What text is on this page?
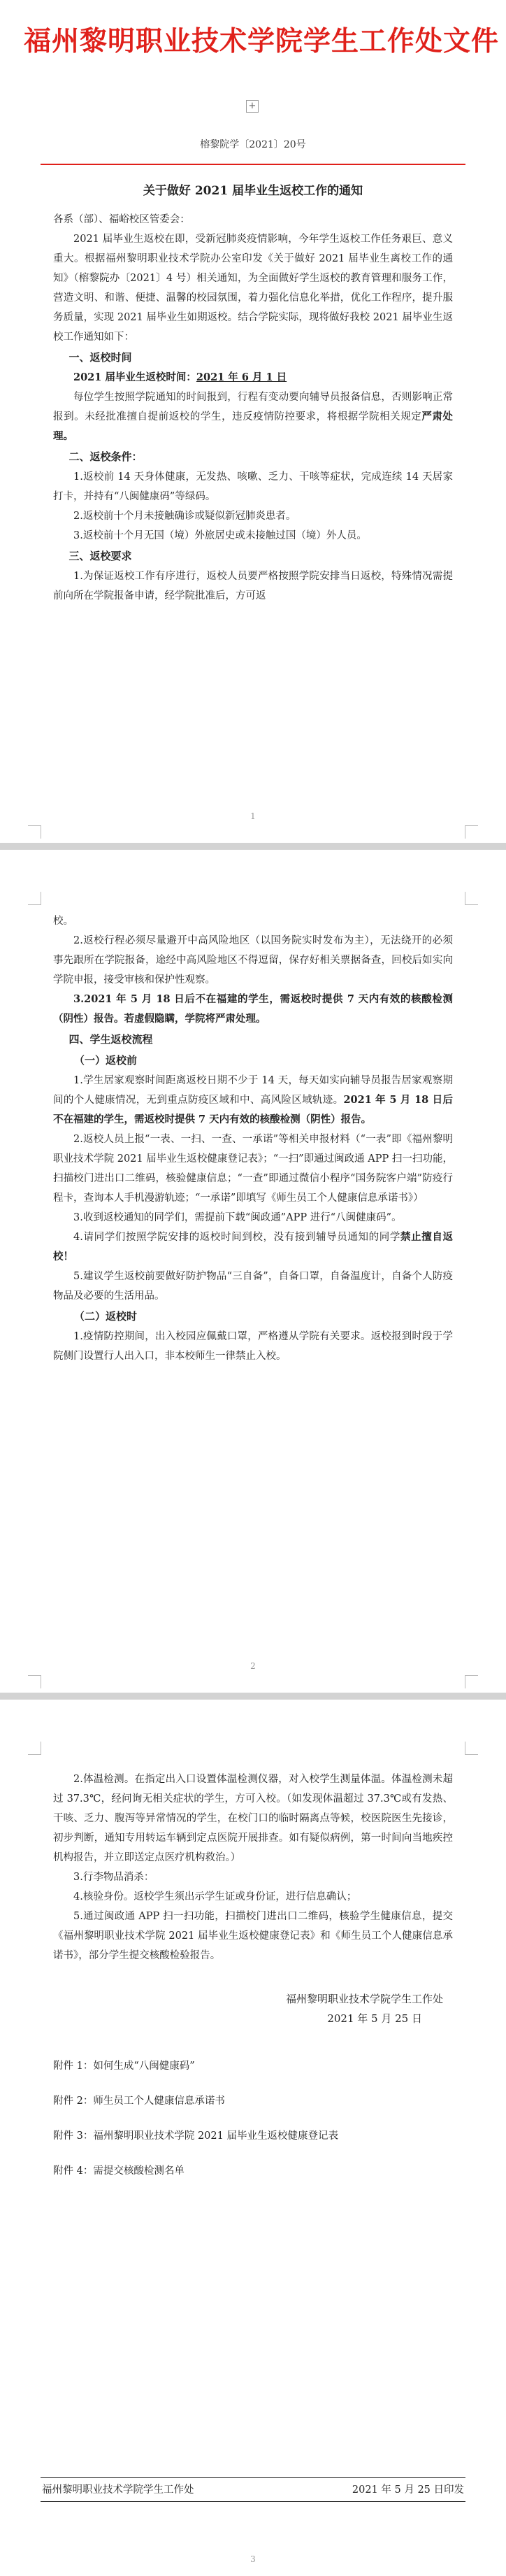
福州黎明职业技术学院学生工作处文件
+
榕黎院学〔2021〕20号
关于做好 2021 届毕业生返校工作的通知

各系（部）、福峪校区管委会：

2021 届毕业生返校在即，受新冠肺炎疫情影响，今年学生返校工作任务艰巨、意义重大。根据福州黎明职业技术学院办公室印发《关于做好 2021 届毕业生离校工作的通知》（榕黎院办〔2021〕4 号）相关通知，为全面做好学生返校的教育管理和服务工作，营造文明、和谐、便捷、温馨的校园氛围，着力强化信息化举措，优化工作程序，提升服务质量，实现 2021 届毕业生如期返校。结合学院实际，现将做好我校 2021 届毕业生返校工作通知如下：

一、返校时间

2021 届毕业生返校时间：2021 年 6 月 1 日

每位学生按照学院通知的时间报到，行程有变动要向辅导员报备信息，否则影响正常报到。未经批准擅自提前返校的学生，违反疫情防控要求，将根据学院相关规定严肃处理。

二、返校条件：

1.返校前 14 天身体健康，无发热、咳嗽、乏力、干咳等症状，完成连续 14 天居家打卡，并持有“八闽健康码”等绿码。

2.返校前十个月未接触确诊或疑似新冠肺炎患者。

3.返校前十个月无国（境）外旅居史或未接触过国（境）外人员。

三、返校要求

1.为保证返校工作有序进行，返校人员要严格按照学院安排当日返校，特殊情况需提前向所在学院报备申请，经学院批准后，方可返

1

校。

2.返校行程必须尽量避开中高风险地区（以国务院实时发布为主），无法绕开的必须事先跟所在学院报备，途经中高风险地区不得逗留，保存好相关票据备查，回校后如实向学院申报，接受审核和保护性观察。

3.2021 年 5 月 18 日后不在福建的学生，需返校时提供 7 天内有效的核酸检测（阴性）报告。若虚假隐瞒，学院将严肃处理。

四、学生返校流程
（一）返校前

1.学生居家观察时间距离返校日期不少于 14 天，每天如实向辅导员报告居家观察期间的个人健康情况，无到重点防疫区域和中、高风险区域轨迹。2021 年 5 月 18 日后不在福建的学生，需返校时提供 7 天内有效的核酸检测（阴性）报告。

2.返校人员上报“一表、一扫、一查、一承诺”等相关申报材料（“一表”即《福州黎明职业技术学院 2021 届毕业生返校健康登记表》；“一扫”即通过闽政通 APP 扫一扫功能，扫描校门进出口二维码，核验健康信息；“一查”即通过微信小程序“国务院客户端”防疫行程卡，查询本人手机漫游轨迹；“一承诺”即填写《师生员工个人健康信息承诺书》）

3.收到返校通知的同学们，需提前下载“闽政通”APP 进行“八闽健康码”。

4.请同学们按照学院安排的返校时间到校，没有接到辅导员通知的同学禁止擅自返校！

5.建议学生返校前要做好防护物品“三自备”，自备口罩，自备温度计，自备个人防疫物品及必要的生活用品。

（二）返校时

1.疫情防控期间，出入校园应佩戴口罩，严格遵从学院有关要求。返校报到时段于学院侧门设置行人出入口，非本校师生一律禁止入校。

2

2.体温检测。在指定出入口设置体温检测仪器，对入校学生测量体温。体温检测未超过 37.3℃，经问询无相关症状的学生，方可入校。（如发现体温超过 37.3℃或有发热、干咳、乏力、腹泻等异常情况的学生，在校门口的临时隔离点等候，校医院医生先接诊，初步判断，通知专用转运车辆到定点医院开展排查。如有疑似病例，第一时间向当地疾控机构报告，并立即送定点医疗机构救治。）

3.行李物品消杀：

4.核验身份。返校学生须出示学生证或身份证，进行信息确认；

5.通过闽政通 APP 扫一扫功能，扫描校门进出口二维码，核验学生健康信息，提交《福州黎明职业技术学院 2021 届毕业生返校健康登记表》和《师生员工个人健康信息承诺书》，部分学生提交核酸检验报告。

福州黎明职业技术学院学生工作处
2021 年 5 月 25 日

附件 1：如何生成“八闽健康码”

附件 2：师生员工个人健康信息承诺书

附件 3：福州黎明职业技术学院 2021 届毕业生返校健康登记表

附件 4：需提交核酸检测名单

福州黎明职业技术学院学生工作处	2021 年 5 月 25 日印发
3
